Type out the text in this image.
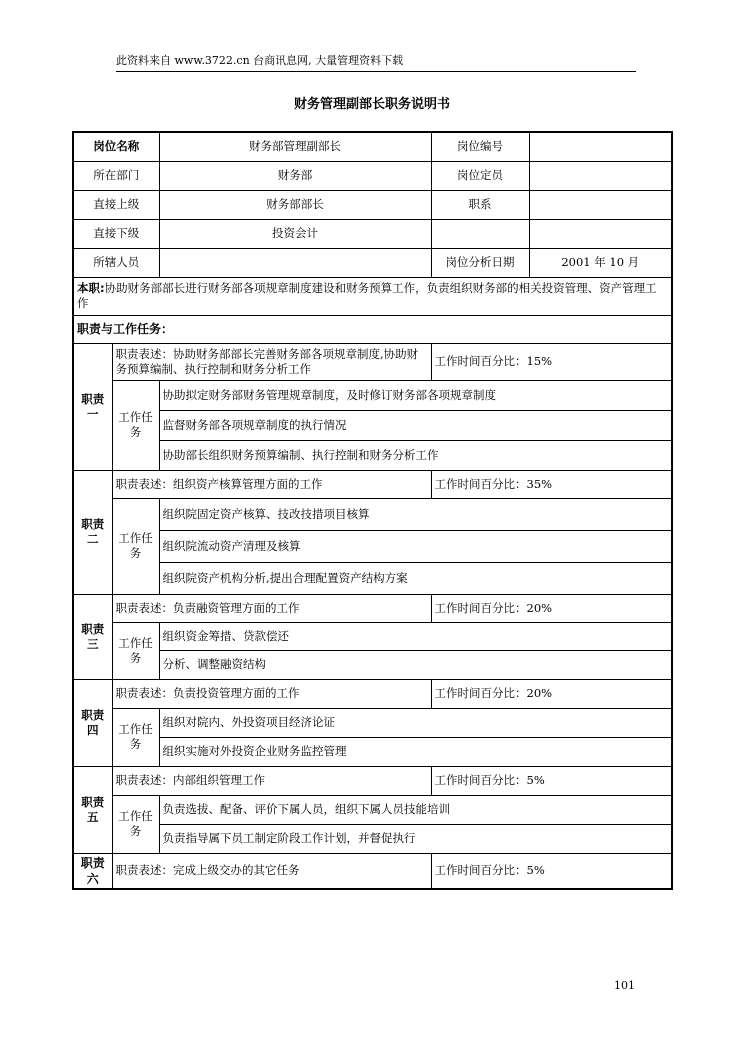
此资料来自 www.3722.cn 台商讯息网, 大量管理资料下载
财务管理副部长职务说明书
岗位名称		财务部管理副部长	岗位编号	
所在部门		财务部	岗位定员	
直接上级		财务部部长	职系	
直接下级		投资会计		
所辖人员			岗位分析日期	2001 年 10 月
本职:协助财务部部长进行财务部各项规章制度建设和财务预算工作，负责组织财务部的相关投资管理、资产管理工作				
职责与工作任务：				
职责一	职责表述：协助财务部部长完善财务部各项规章制度,协助财务预算编制、执行控制和财务分析工作		工作时间百分比：15%	
	工作任务	协助拟定财务部财务管理规章制度，及时修订财务部各项规章制度		
		监督财务部各项规章制度的执行情况		
		协助部长组织财务预算编制、执行控制和财务分析工作		
职责二	职责表述：组织资产核算管理方面的工作		工作时间百分比：35%	
	工作任务	组织院固定资产核算、技改技措项目核算		
		组织院流动资产清理及核算		
		组织院资产机构分析,提出合理配置资产结构方案		
职责三	职责表述：负责融资管理方面的工作		工作时间百分比：20%	
	工作任务	组织资金筹措、贷款偿还		
		分析、调整融资结构		
职责四	职责表述：负责投资管理方面的工作		工作时间百分比：20%	
	工作任务	组织对院内、外投资项目经济论证		
		组织实施对外投资企业财务监控管理		
职责五	职责表述：内部组织管理工作		工作时间百分比：5%	
	工作任务	负责选拔、配备、评价下属人员，组织下属人员技能培训		
		负责指导属下员工制定阶段工作计划，并督促执行		
职责六	职责表述：完成上级交办的其它任务		工作时间百分比：5%	
101
